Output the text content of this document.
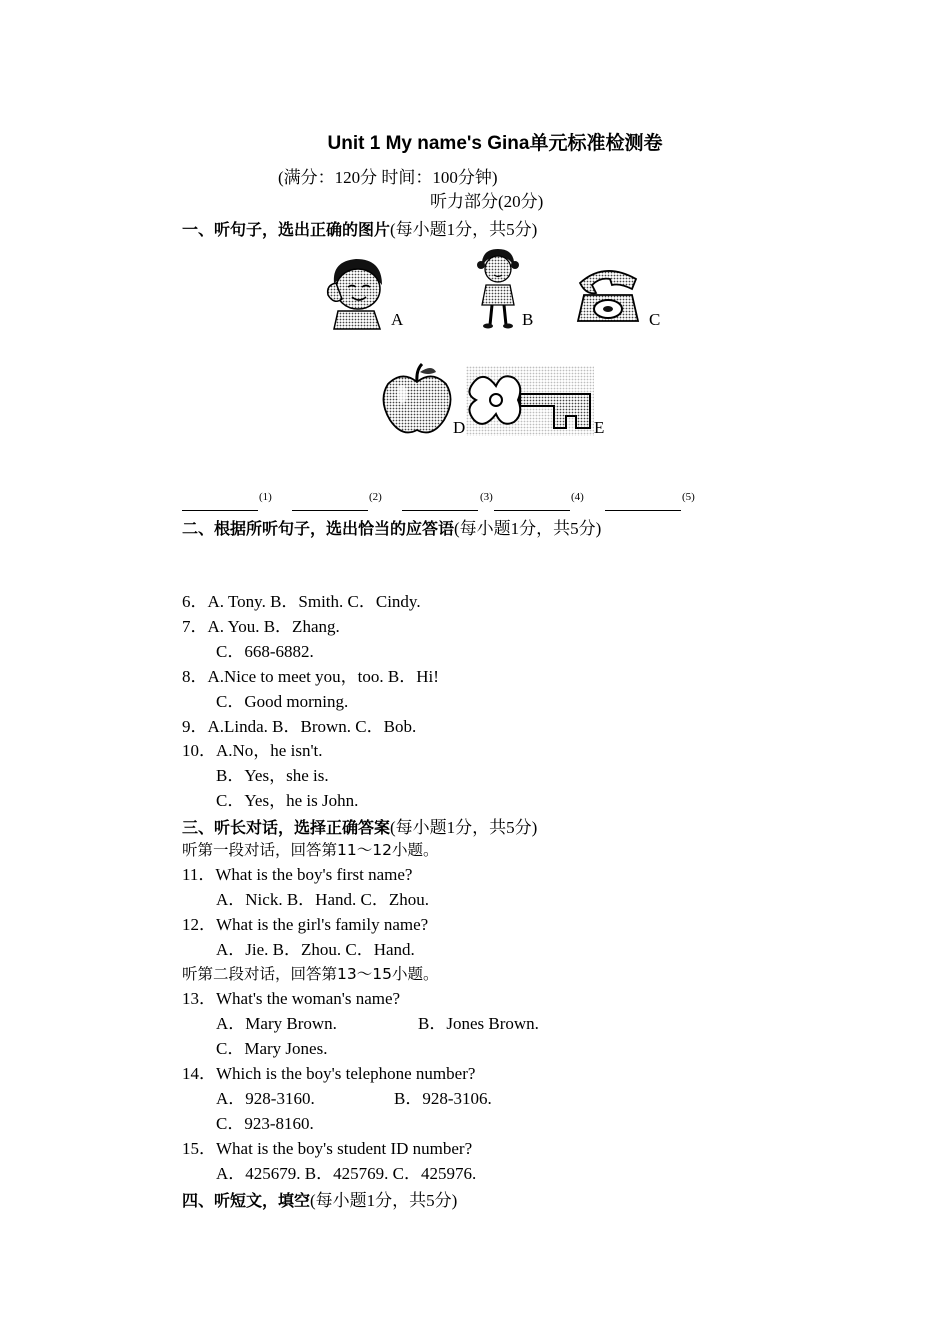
Unit 1 My name's Gina单元标准检测卷
(满分：120分 时间：100分钟)
听力部分(20分)
一、听句子，选出正确的图片(每小题1分，共5分)
A	B	C
D	E
(1)	(2)	(3)	(4)	(5)
二、根据所听句子，选出恰当的应答语(每小题1分，共5分)
6．A. Tony. B．Smith. C．Cindy.
7．A. You. B．Zhang.
C．668-6882.
8．A.Nice to meet you，too. B．Hi!
C．Good morning.
9．A.Linda. B．Brown. C．Bob.
10．A.No，he isn't.
B．Yes，she is.
C．Yes，he is John.
三、听长对话，选择正确答案(每小题1分，共5分)
听第一段对话，回答第11～12小题。
11．What is the boy's first name?
A．Nick. B．Hand. C．Zhou.
12．What is the girl's family name?
A．Jie. B．Zhou. C．Hand.
听第二段对话，回答第13～15小题。
13．What's the woman's name?
A．Mary Brown.	B．Jones Brown.
C．Mary Jones.
14．Which is the boy's telephone number?
A．928-3160.	B．928-3106.
C．923-8160.
15．What is the boy's student ID number?
A．425679. B．425769. C．425976.
四、听短文，填空(每小题1分，共5分)
